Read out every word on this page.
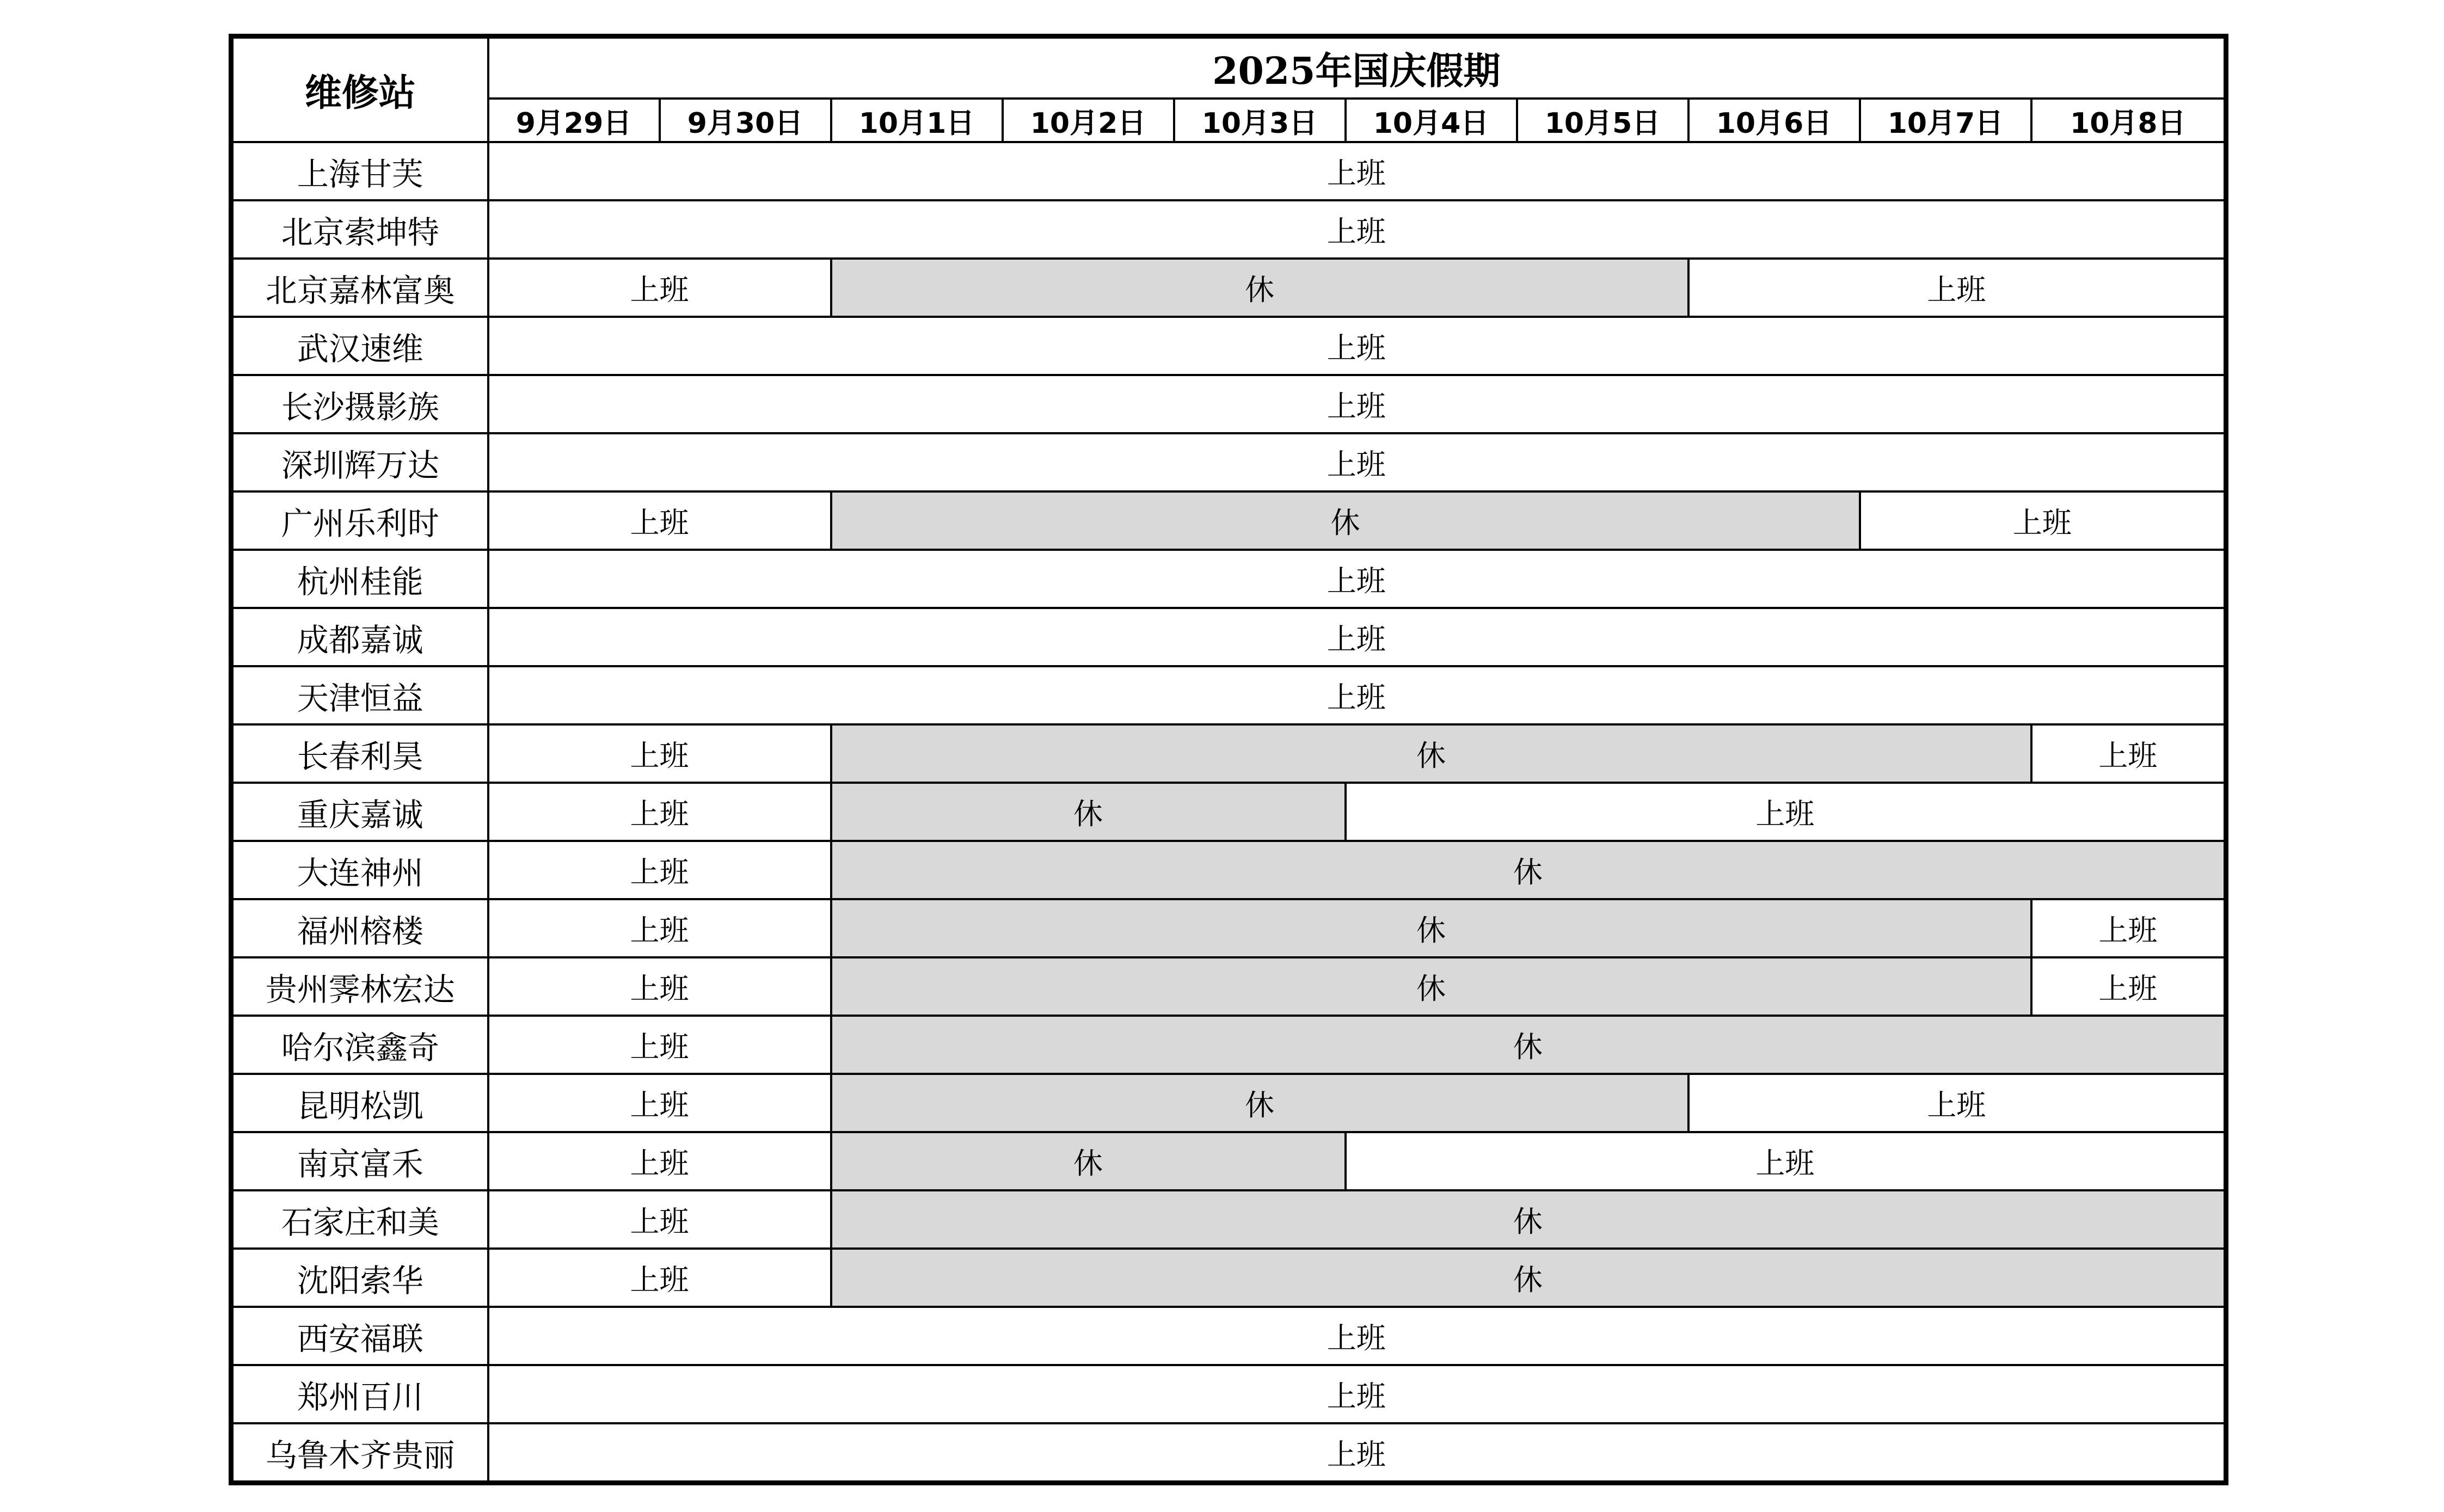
维修站	2025年国庆假期									
	9月29日	9月30日	10月1日	10月2日	10月3日	10月4日	10月5日	10月6日	10月7日	10月8日
上海甘芙	上班									
北京索坤特	上班									
北京嘉林富奥	上班		休					上班		
武汉速维	上班									
长沙摄影族	上班									
深圳辉万达	上班									
广州乐利时	上班		休						上班	
杭州桂能	上班									
成都嘉诚	上班									
天津恒益	上班									
长春利昊	上班		休							上班
重庆嘉诚	上班		休			上班				
大连神州	上班		休							
福州榕楼	上班		休							上班
贵州霁林宏达	上班		休							上班
哈尔滨鑫奇	上班		休							
昆明松凯	上班		休					上班		
南京富禾	上班		休			上班				
石家庄和美	上班		休							
沈阳索华	上班		休							
西安福联	上班									
郑州百川	上班									
乌鲁木齐贵丽	上班									
